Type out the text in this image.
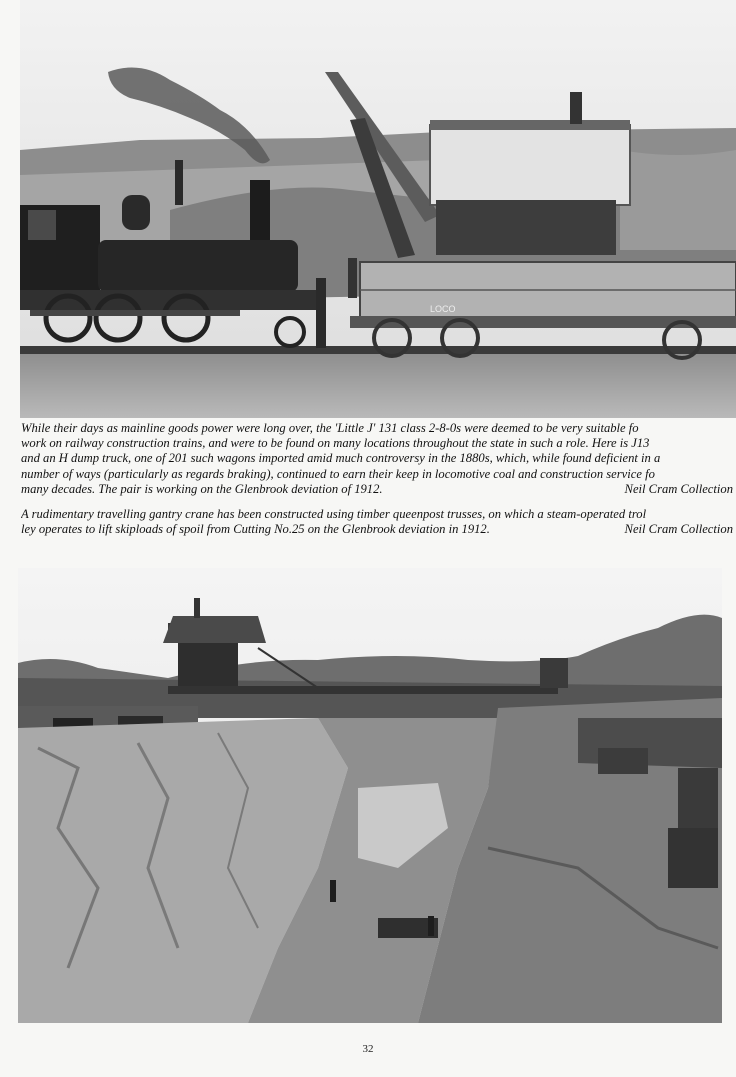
LOCO
While their days as mainline goods power were long over, the 'Little J' 131 class 2-8-0s were deemed to be very suitable fo
work on railway construction trains, and were to be found on many locations throughout the state in such a role. Here is J13
and an H dump truck, one of 201 such wagons imported amid much controversy in the 1880s, which, while found deficient in a
number of ways (particularly as regards braking), continued to earn their keep in locomotive coal and construction service fo
many decades. The pair is working on the Glenbrook deviation of 1912.	Neil Cram Collection
A rudimentary travelling gantry crane has been constructed using timber queenpost trusses, on which a steam-operated trol
ley operates to lift skiploads of spoil from Cutting No.25 on the Glenbrook deviation in 1912.	Neil Cram Collection
32
